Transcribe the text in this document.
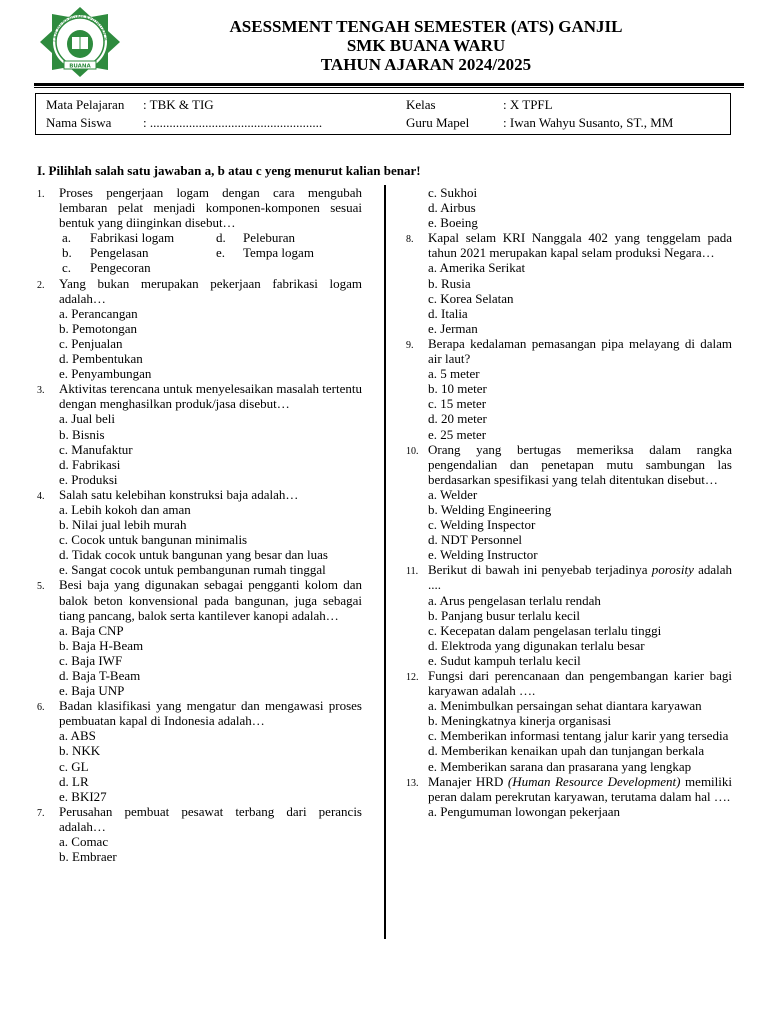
LAH MENENGAH KEJURUAN B
BUANA
ASESSMENT TENGAH SEMESTER (ATS) GANJIL
SMK BUANA WARU
TAHUN AJARAN 2024/2025
Mata Pelajaran : TBK & TIG	Kelas	: X TPFL
Nama Siswa : .....................................................	Guru Mapel	: Iwan Wahyu Susanto, ST., MM
I. Pilihlah salah satu jawaban a, b atau c yeng menurut kalian benar!
1. Proses pengerjaan logam dengan cara mengubah lembaran pelat menjadi komponen-komponen sesuai bentuk yang diinginkan disebut…
a.	Fabrikasi logam	d.	Peleburan
b.	Pengelasan	e.	Tempa logam
c.	Pengecoran
2. Yang bukan merupakan pekerjaan fabrikasi logam adalah…
a. Perancangan
b. Pemotongan
c. Penjualan
d. Pembentukan
e. Penyambungan
3. Aktivitas terencana untuk menyelesaikan masalah tertentu dengan menghasilkan produk/jasa disebut…
a. Jual beli
b. Bisnis
c. Manufaktur
d. Fabrikasi
e. Produksi
4. Salah satu kelebihan konstruksi baja adalah…
a. Lebih kokoh dan aman
b. Nilai jual lebih murah
c. Cocok untuk bangunan minimalis
d. Tidak cocok untuk bangunan yang besar dan luas
e. Sangat cocok untuk pembangunan rumah tinggal
5. Besi baja yang digunakan sebagai pengganti kolom dan balok beton konvensional pada bangunan, juga sebagai tiang pancang, balok serta kantilever kanopi adalah…
a. Baja CNP
b. Baja H-Beam
c. Baja IWF
d. Baja T-Beam
e. Baja UNP
6. Badan klasifikasi yang mengatur dan mengawasi proses pembuatan kapal di Indonesia adalah…
a. ABS
b. NKK
c. GL
d. LR
e. BKI27
7. Perusahan pembuat pesawat terbang dari perancis adalah…
a. Comac
b. Embraer
c. Sukhoi
d. Airbus
e. Boeing
8. Kapal selam KRI Nanggala 402 yang tenggelam pada tahun 2021 merupakan kapal selam produksi Negara…
a. Amerika Serikat
b. Rusia
c. Korea Selatan
d. Italia
e. Jerman
9. Berapa kedalaman pemasangan pipa melayang di dalam air laut?
a. 5 meter
b. 10 meter
c. 15 meter
d. 20 meter
e. 25 meter
10. Orang yang bertugas memeriksa dalam rangka pengendalian dan penetapan mutu sambungan las berdasarkan spesifikasi yang telah ditentukan disebut…
a. Welder
b. Welding Engineering
c. Welding Inspector
d. NDT Personnel
e. Welding Instructor
11. Berikut di bawah ini penyebab terjadinya porosity adalah ....
a. Arus pengelasan terlalu rendah
b. Panjang busur terlalu kecil
c. Kecepatan dalam pengelasan terlalu tinggi
d. Elektroda yang digunakan terlalu besar
e. Sudut kampuh terlalu kecil
12. Fungsi dari perencanaan dan pengembangan karier bagi karyawan adalah ….
a. Menimbulkan persaingan sehat diantara karyawan
b. Meningkatnya kinerja organisasi
c. Memberikan informasi tentang jalur karir yang tersedia
d. Memberikan kenaikan upah dan tunjangan berkala
e. Memberikan sarana dan prasarana yang lengkap
13. Manajer HRD (Human Resource Development) memiliki peran dalam perekrutan karyawan, terutama dalam hal ….
a. Pengumuman lowongan pekerjaan
